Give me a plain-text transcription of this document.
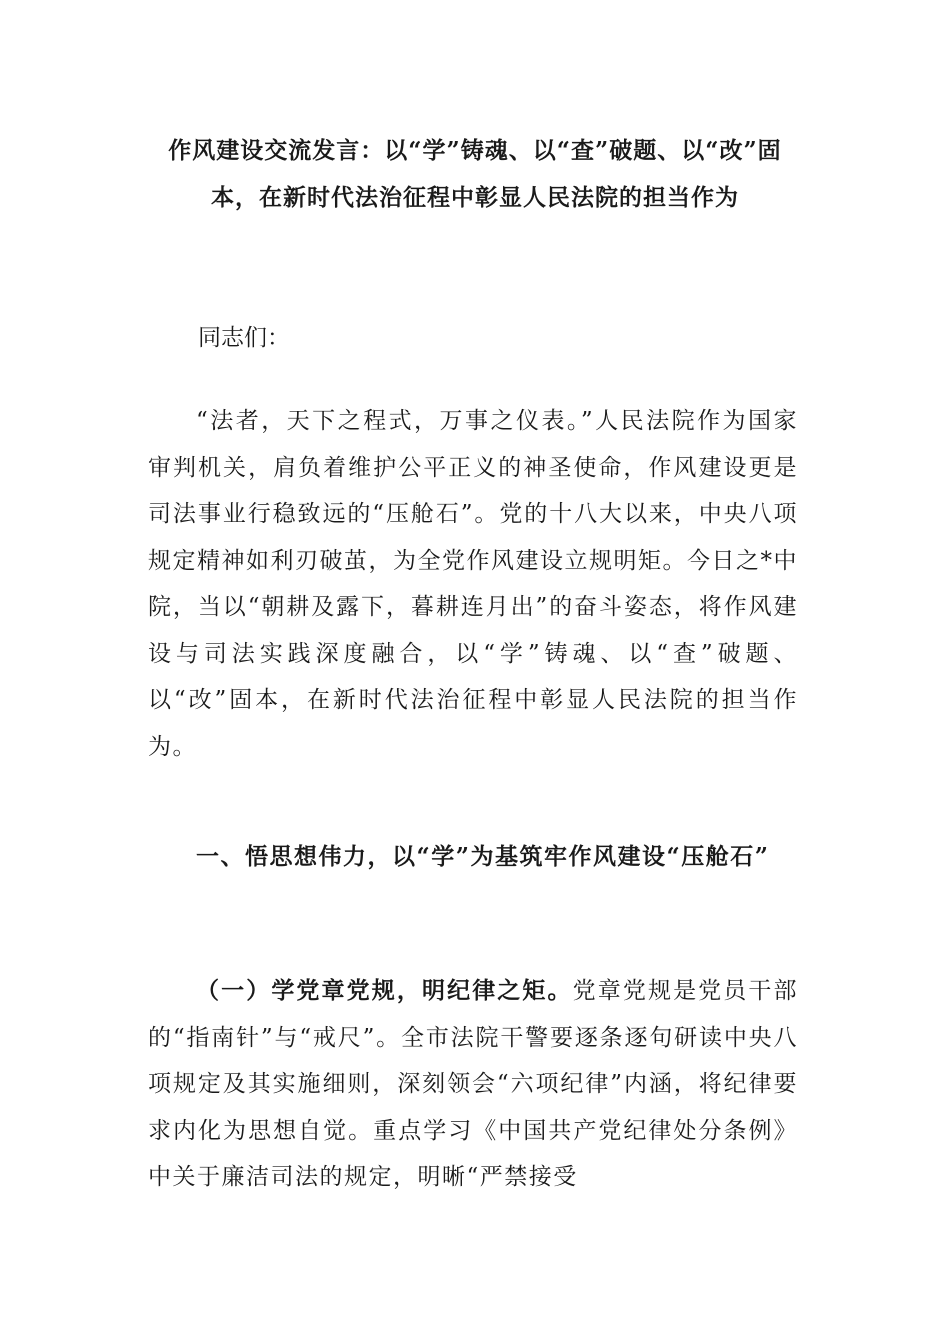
作风建设交流发言：以“学”铸魂、以“查”破题、以“改”固本，在新时代法治征程中彰显人民法院的担当作为
同志们：
“法者，天下之程式，万事之仪表。”人民法院作为国家审判机关，肩负着维护公平正义的神圣使命，作风建设更是司法事业行稳致远的“压舱石”。党的十八大以来，中央八项规定精神如利刃破茧，为全党作风建设立规明矩。今日之*中院，当以“朝耕及露下，暮耕连月出”的奋斗姿态，将作风建设与司法实践深度融合，以“学”铸魂、以“查”破题、以“改”固本，在新时代法治征程中彰显人民法院的担当作为。
一、悟思想伟力，以“学”为基筑牢作风建设“压舱石”
（一）学党章党规，明纪律之矩。党章党规是党员干部的“指南针”与“戒尺”。全市法院干警要逐条逐句研读中央八项规定及其实施细则，深刻领会“六项纪律”内涵，将纪律要求内化为思想自觉。重点学习《中国共产党纪律处分条例》中关于廉洁司法的规定，明晰“严禁接受
